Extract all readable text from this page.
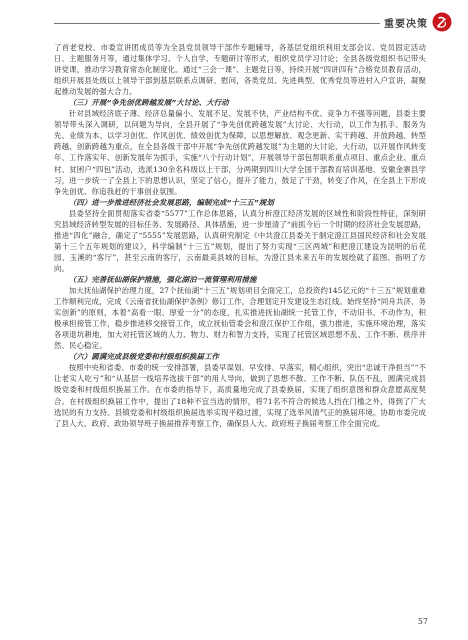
重要决策

了首老党校、市委宣讲团成员等为全县党员领导干部作专题辅导，各基层党组织利用支部会议、党员固定活动日、主题服务月等，通过集体学习、个人自学、专题研讨等形式，组织党员学习讨论；全县各级党组织书记带头讲党课，推动学习教育常态化制度化。通过“三会一课”、主题党日等，持续开展“四讲四有”合格党员教育活动，组织开展县处级以上领导干部到基层联系点调研、慰问，各类党员、先进典型、优秀党员等进村入户宣讲，凝聚起推动发展的强大合力。

（三）开展“争先创优跨越发展”大讨论、大行动

针对县域经济底子薄、经济总量偏小、发展不足、发展不快，产业结构不优、竞争力不强等问题，县委主要领导带头深入调研，以问题为导向，全县开展了“争先创优跨越发展”大讨论、大行动，以工作为抓手、服务为先、业绩为本、以学习创优、作风创优、绩效创优为保障，以思想解放、观念更新、实干跨越、开放跨越、转型跨越、创新跨越为重点，在全县各级干部中开展“争先创优跨越发展”为主题的大讨论、大行动，以开展作风转变年、工作落实年、创新发展年为抓手，实施“八个行动计划”，开展领导干部包帮联系重点项目、重点企业、重点村、贫困户“四包”活动，选派130余名科级以上干部，分两期到四川大学全国干部教育培训基地、安徽金寨县学习，进一步统一了全县上下的思想认识，坚定了信心，提升了能力，鼓足了干劲，转变了作风，在全县上下形成争先创优、你追我赶的干事创业氛围。

（四）进一步推进经济社会发展思路，编制完成“十三五”规划

县委坚持全面贯彻落实省委“5577”工作总体思路，认真分析澄江经济发展的区域性和阶段性特征，深刻研究县域经济转型发展的目标任务、发展路径、具体措施，进一步厘清了“前抓今后一个时期的经济社会发展思路，推进“四化”融合，确定了“5555”发展思路，认真研究制定《中共澄江县委关于制定澄江县国民经济和社会发展第十三个五年规划的建议》，科学编制“十三五”规划，提出了努力实现“三区两城”和把澄江建设为昆明的后花园、玉溪的“客厅”，甚至云南的客厅，云南最美县城的目标，为澄江县未来五年的发展绘就了蓝图、指明了方向。

（五）完善抚仙湖保护措施，强化湖泊一流管理利用措施

加大抚仙湖保护治理力度，27个抚仙湖“十三五”规划项目全面完工，总投资约145亿元的“十三五”规划重难工作顺利完成，完成《云南省抚仙湖保护条例》修订工作，合理划定开发建设生态红线。始终坚持“同舟共济、务实创新”的原则，本着“高看一眼、厚爱一分”的态度，扎实推进抚仙湖统一托管工作，不动旧书、不动作为，积极承担接管工作，稳步推进移交接管工作，成立抚仙管委会和澄江保护工作组，强力推进，实施环境治理，落实各项退坑耕地，加大对托管区域的人力、物力、财力和智力支持，实现了托管区域思想不乱、工作不断、秩序井然、民心稳定。

（六）圆满完成县级党委和村级组织换届工作

按照中央和省委、市委的统一安排部署，县委早谋划、早安排、早落实，精心组织，突出“忠诚干净担当”“不让老实人吃亏”和“从基层一线培养选拔干部”的用人导向，做到了思想不散、工作不断、队伍不乱，圆满完成县级党委和村级组织换届工作。在市委的指导下，高质量地完成了县委换届，实现了组织意图和群众意愿高度契合。在村级组织换届工作中，提出了18种不宜当选的情形，将71名不符合的候选人挡在门槛之外，得到了广大选民的有力支持。县镇党委和村级组织换届选举实现平稳过渡，实现了选举风清气正的换届环境。协助市委完成了县人大、政府、政协领导班子换届推荐考察工作，确保县人大、政府班子换届考察工作全面完成。

57
